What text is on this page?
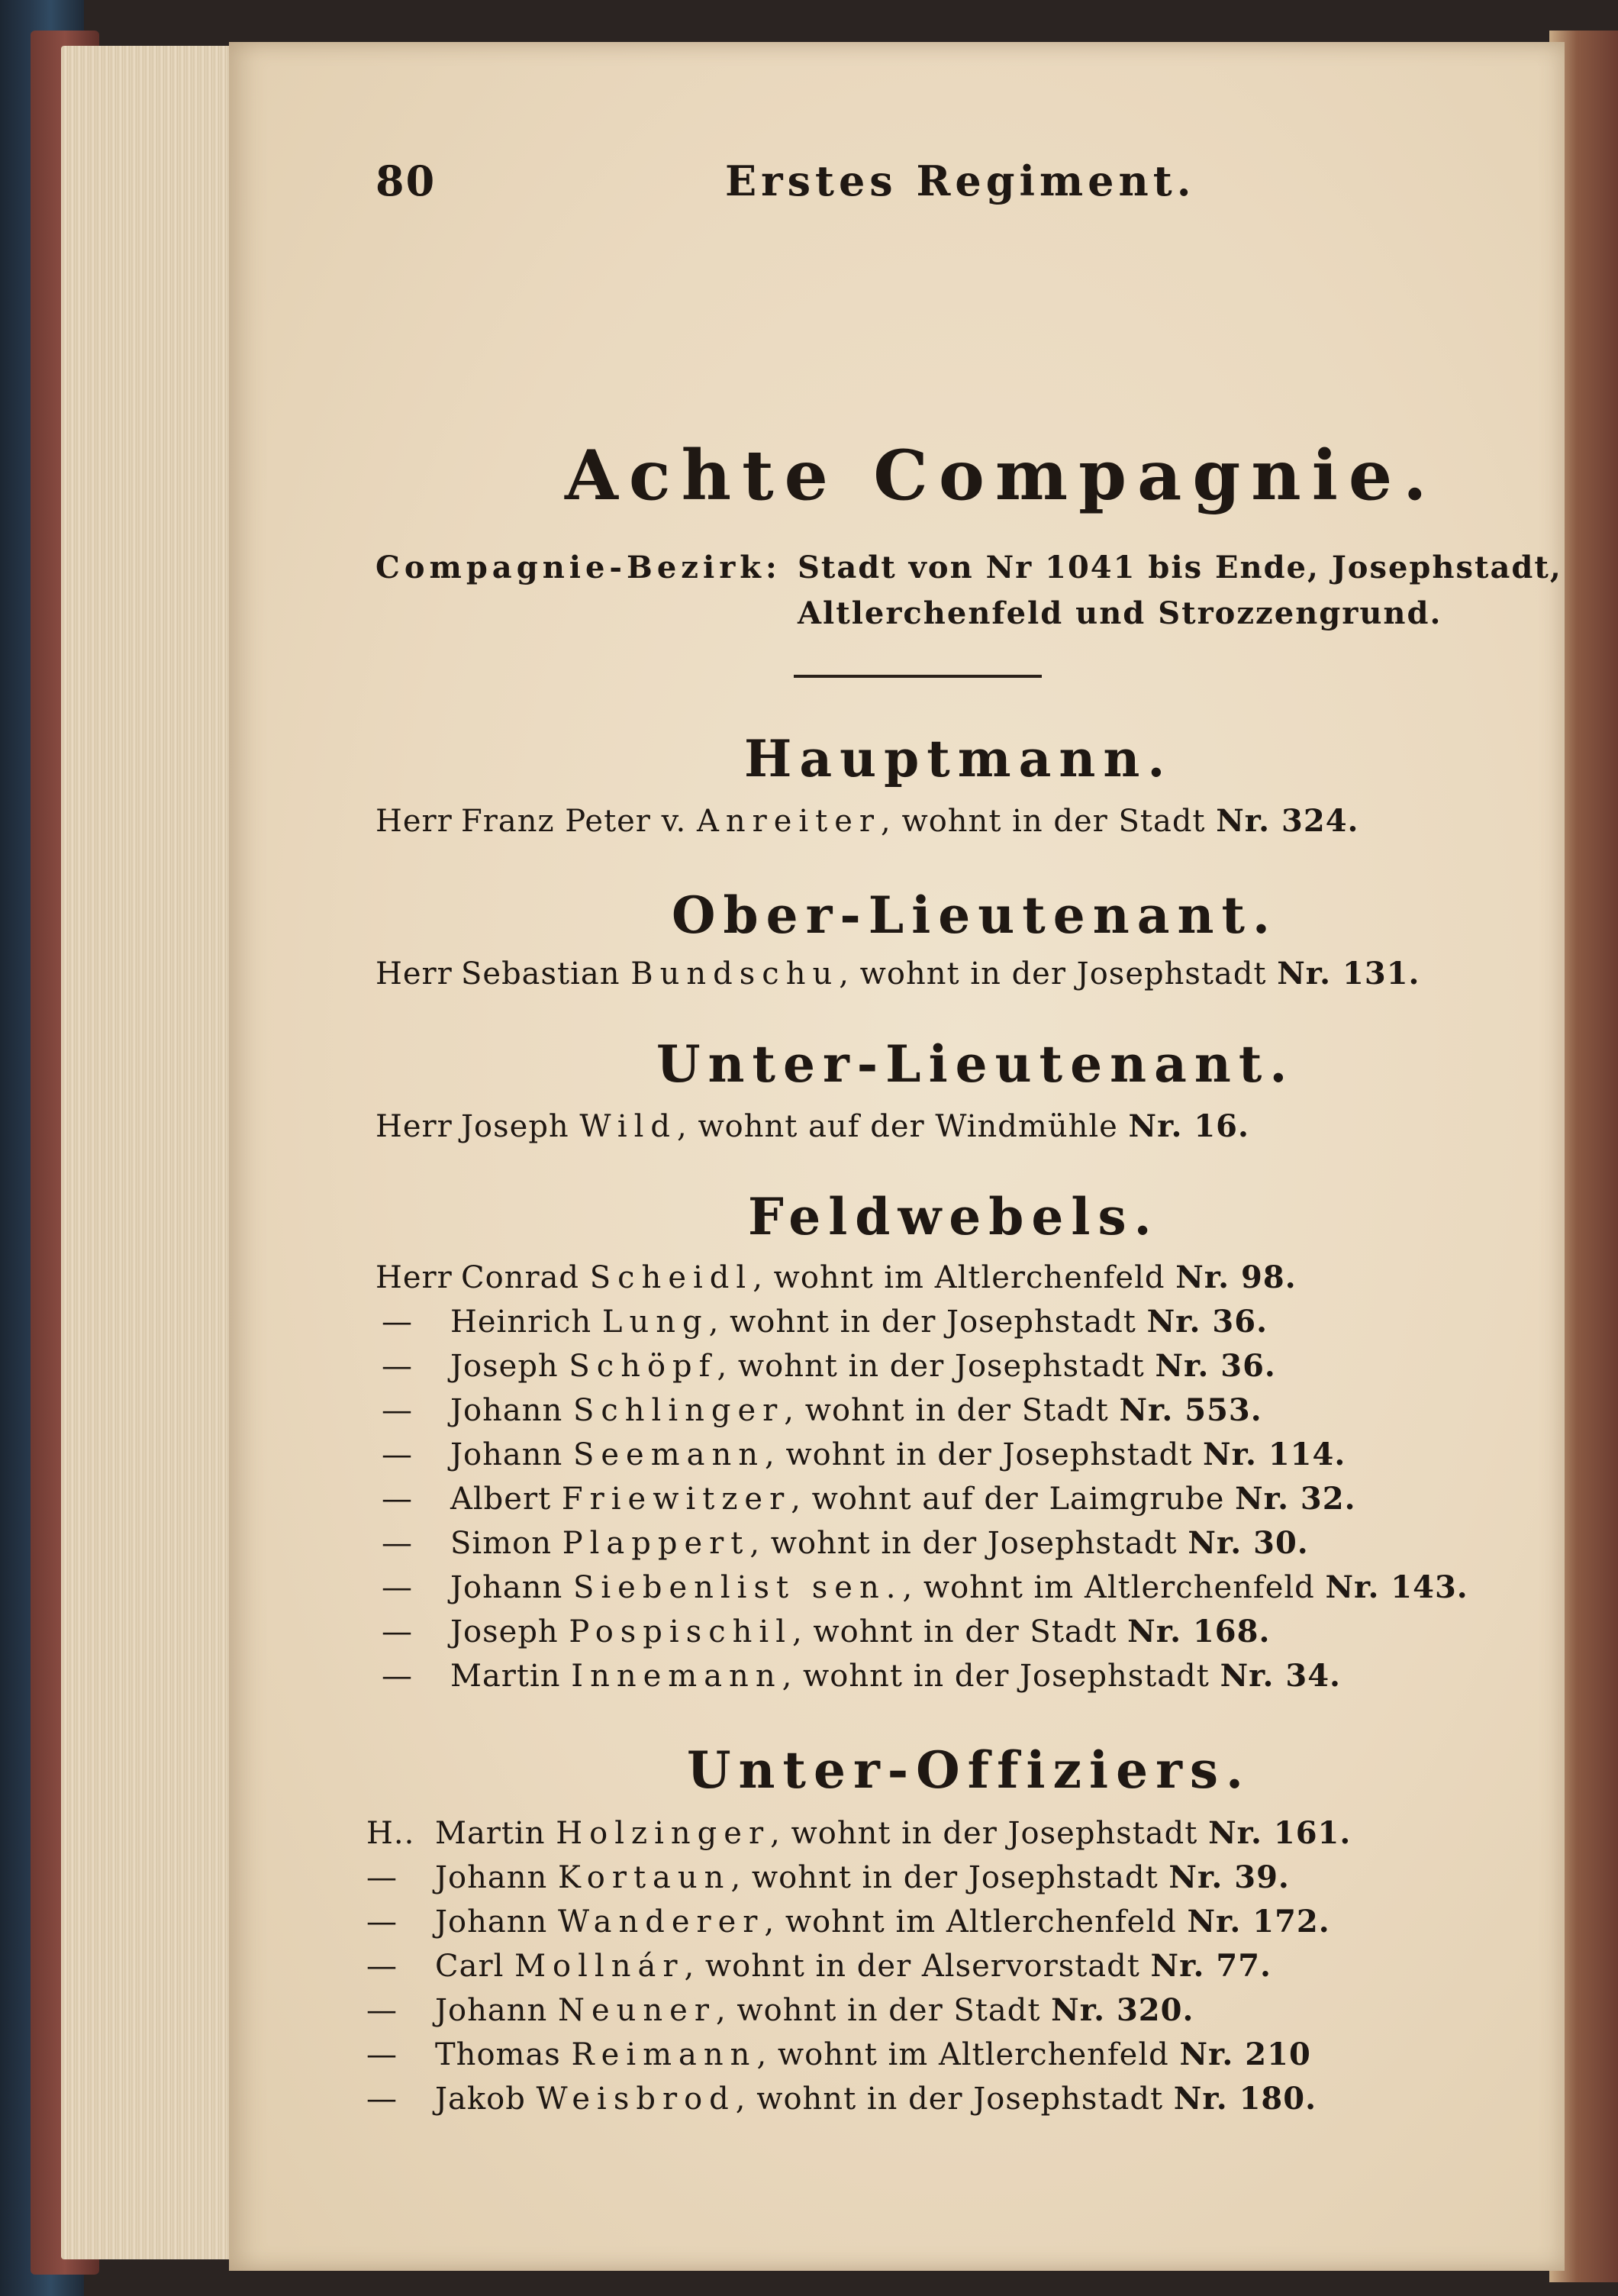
80	Erstes Regiment.
Achte Compagnie.
Compagnie-Bezirk: Stadt von Nr 1041 bis Ende, Josephstadt,
Altlerchenfeld und Strozzengrund.
Hauptmann.
Herr Franz Peter v. Anreiter, wohnt in der Stadt Nr. 324.
Ober-Lieutenant.
Herr Sebastian Bundschu, wohnt in der Josephstadt Nr. 131.
Unter-Lieutenant.
Herr Joseph Wild, wohnt auf der Windmühle Nr. 16.
Feldwebels.
Herr Conrad Scheidl, wohnt im Altlerchenfeld Nr. 98.
— Heinrich Lung, wohnt in der Josephstadt Nr. 36.
— Joseph Schöpf, wohnt in der Josephstadt Nr. 36.
— Johann Schlinger, wohnt in der Stadt Nr. 553.
— Johann Seemann, wohnt in der Josephstadt Nr. 114.
— Albert Friewitzer, wohnt auf der Laimgrube Nr. 32.
— Simon Plappert, wohnt in der Josephstadt Nr. 30.
— Johann Siebenlist sen., wohnt im Altlerchenfeld Nr. 143.
— Joseph Pospischil, wohnt in der Stadt Nr. 168.
— Martin Innemann, wohnt in der Josephstadt Nr. 34.
Unter-Offiziers.
H.. Martin Holzinger, wohnt in der Josephstadt Nr. 161.
— Johann Kortaun, wohnt in der Josephstadt Nr. 39.
— Johann Wanderer, wohnt im Altlerchenfeld Nr. 172.
— Carl Mollnár, wohnt in der Alservorstadt Nr. 77.
— Johann Neuner, wohnt in der Stadt Nr. 320.
— Thomas Reimann, wohnt im Altlerchenfeld Nr. 210
— Jakob Weisbrod, wohnt in der Josephstadt Nr. 180.
